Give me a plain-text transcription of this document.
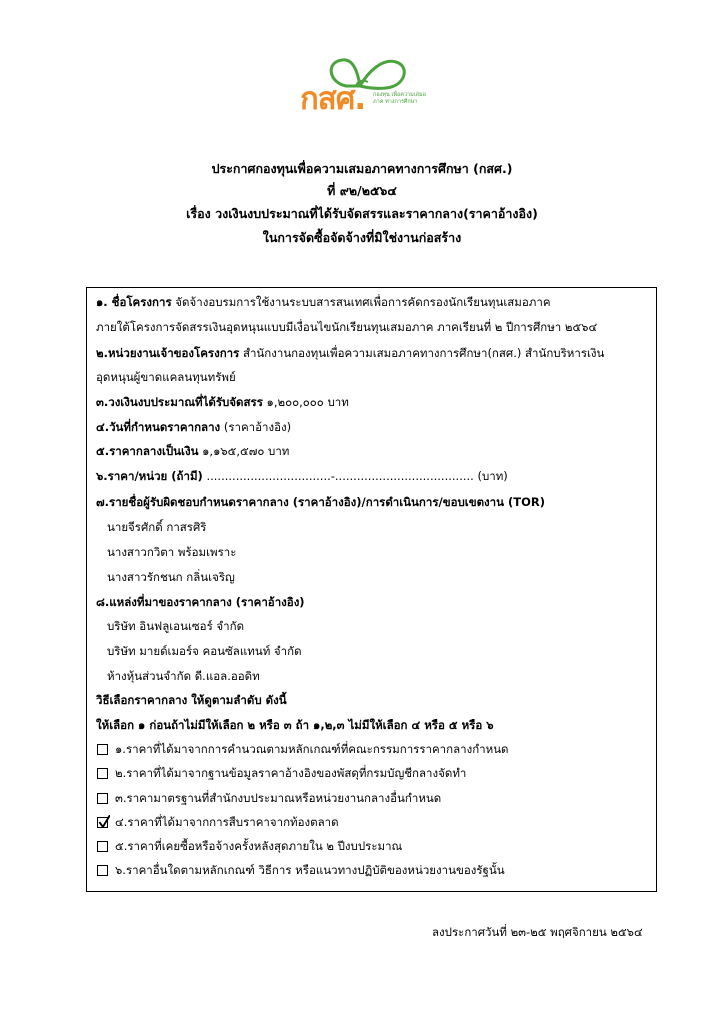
กสศ. กองทุน เพื่อความเสมอภาค ทางการศึกษา
ประกาศกองทุนเพื่อความเสมอภาคทางการศึกษา (กสศ.)
ที่ ๙๒/๒๕๖๔
เรื่อง วงเงินงบประมาณที่ได้รับจัดสรรและราคากลาง(ราคาอ้างอิง)
ในการจัดซื้อจัดจ้างที่มิใช่งานก่อสร้าง
๑. ชื่อโครงการ จัดจ้างอบรมการใช้งานระบบสารสนเทศเพื่อการคัดกรองนักเรียนทุนเสมอภาค
ภายใต้โครงการจัดสรรเงินอุดหนุนแบบมีเงื่อนไขนักเรียนทุนเสมอภาค ภาคเรียนที่ ๒ ปีการศึกษา ๒๕๖๔
๒.หน่วยงานเจ้าของโครงการ สำนักงานกองทุนเพื่อความเสมอภาคทางการศึกษา(กสศ.) สำนักบริหารเงิน
อุดหนุนผู้ขาดแคลนทุนทรัพย์
๓.วงเงินงบประมาณที่ได้รับจัดสรร ๑,๒๐๐,๐๐๐ บาท
๔.วันที่กำหนดราคากลาง (ราคาอ้างอิง)
๕.ราคากลางเป็นเงิน ๑,๑๖๕,๕๗๐ บาท
๖.ราคา/หน่วย (ถ้ามี) ..................................-...................................... (บาท)
๗.รายชื่อผู้รับผิดชอบกำหนดราคากลาง (ราคาอ้างอิง)/การดำเนินการ/ขอบเขตงาน (TOR)
นายจีรศักดิ์ กาสรศิริ
นางสาวกวิตา พร้อมเพราะ
นางสาวรักชนก กลิ่นเจริญ
๘.แหล่งที่มาของราคากลาง (ราคาอ้างอิง)
บริษัท อินฟลูเอนเซอร์ จำกัด
บริษัท มายด์เมอร์จ คอนซัลแทนท์ จำกัด
ห้างหุ้นส่วนจำกัด ดี.แอล.ออดิท
วิธีเลือกราคากลาง ให้ดูตามลำดับ ดังนี้
ให้เลือก ๑ ก่อนถ้าไม่มีให้เลือก ๒ หรือ ๓ ถ้า ๑,๒,๓ ไม่มีให้เลือก ๔ หรือ ๕ หรือ ๖
๑.ราคาที่ได้มาจากการคำนวณตามหลักเกณฑ์ที่คณะกรรมการราคากลางกำหนด
๒.ราคาที่ได้มาจากฐานข้อมูลราคาอ้างอิงของพัสดุที่กรมบัญชีกลางจัดทำ
๓.ราคามาตรฐานที่สำนักงบประมาณหรือหน่วยงานกลางอื่นกำหนด
๔.ราคาที่ได้มาจากการสืบราคาจากท้องตลาด
๕.ราคาที่เคยซื้อหรือจ้างครั้งหลังสุดภายใน ๒ ปีงบประมาณ
๖.ราคาอื่นใดตามหลักเกณฑ์ วิธีการ หรือแนวทางปฏิบัติของหน่วยงานของรัฐนั้น
ลงประกาศวันที่ ๒๓-๒๕ พฤศจิกายน ๒๕๖๔
